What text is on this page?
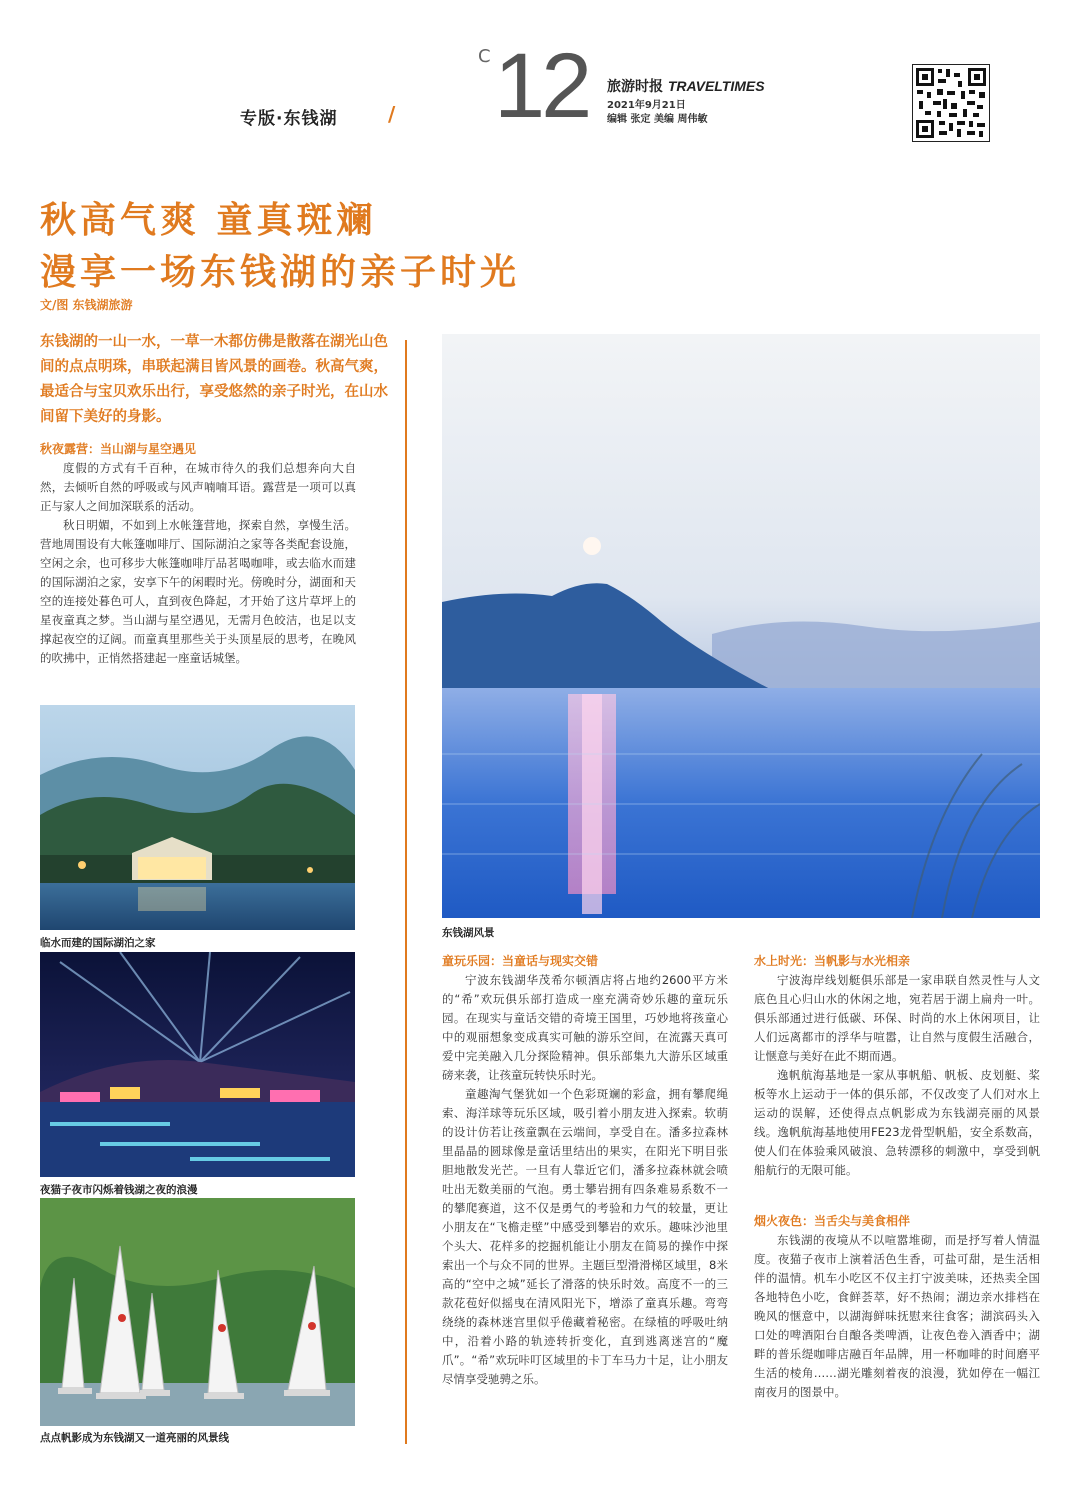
专版·东钱湖	/
C 12 旅游时报 TRAVELTIMES
2021年9月21日
编辑 张定 美编 周伟敏
秋高气爽 童真斑斓
漫享一场东钱湖的亲子时光
文/图 东钱湖旅游
东钱湖的一山一水，一草一木都仿佛是散落在湖光山色间的点点明珠，串联起满目皆风景的画卷。秋高气爽，最适合与宝贝欢乐出行，享受悠然的亲子时光，在山水间留下美好的身影。
秋夜露营：当山湖与星空遇见

度假的方式有千百种，在城市待久的我们总想奔向大自然，去倾听自然的呼吸或与风声喃喃耳语。露营是一项可以真正与家人之间加深联系的活动。

秋日明媚，不如到上水帐篷营地，探索自然，享慢生活。营地周围设有大帐篷咖啡厅、国际湖泊之家等各类配套设施，空闲之余，也可移步大帐篷咖啡厅品茗喝咖啡，或去临水而建的国际湖泊之家，安享下午的闲暇时光。傍晚时分，湖面和天空的连接处暮色可人，直到夜色降起，才开始了这片草坪上的星夜童真之梦。当山湖与星空遇见，无需月色皎洁，也足以支撑起夜空的辽阔。而童真里那些关于头顶星辰的思考，在晚风的吹拂中，正悄然搭建起一座童话城堡。

临水而建的国际湖泊之家
夜猫子夜市闪烁着钱湖之夜的浪漫
点点帆影成为东钱湖又一道亮丽的风景线
东钱湖风景
童玩乐园：当童话与现实交错

宁波东钱湖华茂希尔顿酒店将占地约2600平方米的“希”欢玩俱乐部打造成一座充满奇妙乐趣的童玩乐园。在现实与童话交错的奇境王国里，巧妙地将孩童心中的观丽想象变成真实可触的游乐空间，在流露天真可爱中完美融入几分探险精神。俱乐部集九大游乐区域重磅来袭，让孩童玩转快乐时光。

童趣淘气堡犹如一个色彩斑斓的彩盒，拥有攀爬绳索、海洋球等玩乐区域，吸引着小朋友进入探索。软萌的设计仿若让孩童飘在云端间，享受自在。潘多拉森林里晶晶的圆球像是童话里结出的果实，在阳光下明目张胆地散发光芒。一旦有人靠近它们，潘多拉森林就会喷吐出无数美丽的气泡。勇士攀岩拥有四条难易系数不一的攀爬赛道，这不仅是勇气的考验和力气的较量，更让小朋友在“飞檐走壁”中感受到攀岩的欢乐。趣味沙池里个头大、花样多的挖掘机能让小朋友在简易的操作中探索出一个与众不同的世界。主题巨型滑滑梯区域里，8米高的“空中之城”延长了滑落的快乐时效。高度不一的三款花苞好似摇曳在清风阳光下，增添了童真乐趣。弯弯绕绕的森林迷宫里似乎倦藏着秘密。在绿植的呼吸吐纳中，沿着小路的轨迹转折变化，直到逃离迷宫的“魔爪”。“希”欢玩咔叮区域里的卡丁车马力十足，让小朋友尽情享受驰骋之乐。

水上时光：当帆影与水光相亲

宁波海岸线划艇俱乐部是一家串联自然灵性与人文底色且心归山水的休闲之地，宛若居于湖上扁舟一叶。俱乐部通过进行低碳、环保、时尚的水上休闲项目，让人们远离都市的浮华与喧嚣，让自然与度假生活融合，让惬意与美好在此不期而遇。

逸帆航海基地是一家从事帆船、帆板、皮划艇、桨板等水上运动于一体的俱乐部，不仅改变了人们对水上运动的误解，还使得点点帆影成为东钱湖亮丽的风景线。逸帆航海基地使用FE23龙骨型帆船，安全系数高，使人们在体验乘风破浪、急转漂移的刺激中，享受到帆船航行的无限可能。

烟火夜色：当舌尖与美食相伴

东钱湖的夜境从不以喧嚣堆砌，而是抒写着人情温度。夜猫子夜市上演着活色生香，可盐可甜，是生活相伴的温情。机车小吃区不仅主打宁波美味，还热卖全国各地特色小吃，食鲜荟萃，好不热闹；湖边亲水排档在晚风的惬意中，以湖海鲜味抚慰来往食客；湖滨码头入口处的啤酒阳台自酿各类啤酒，让夜色卷入酒香中；湖畔的普乐缇咖啡店融百年品牌，用一杯咖啡的时间磨平生活的棱角……湖光雕刻着夜的浪漫，犹如停在一幅江南夜月的图景中。
